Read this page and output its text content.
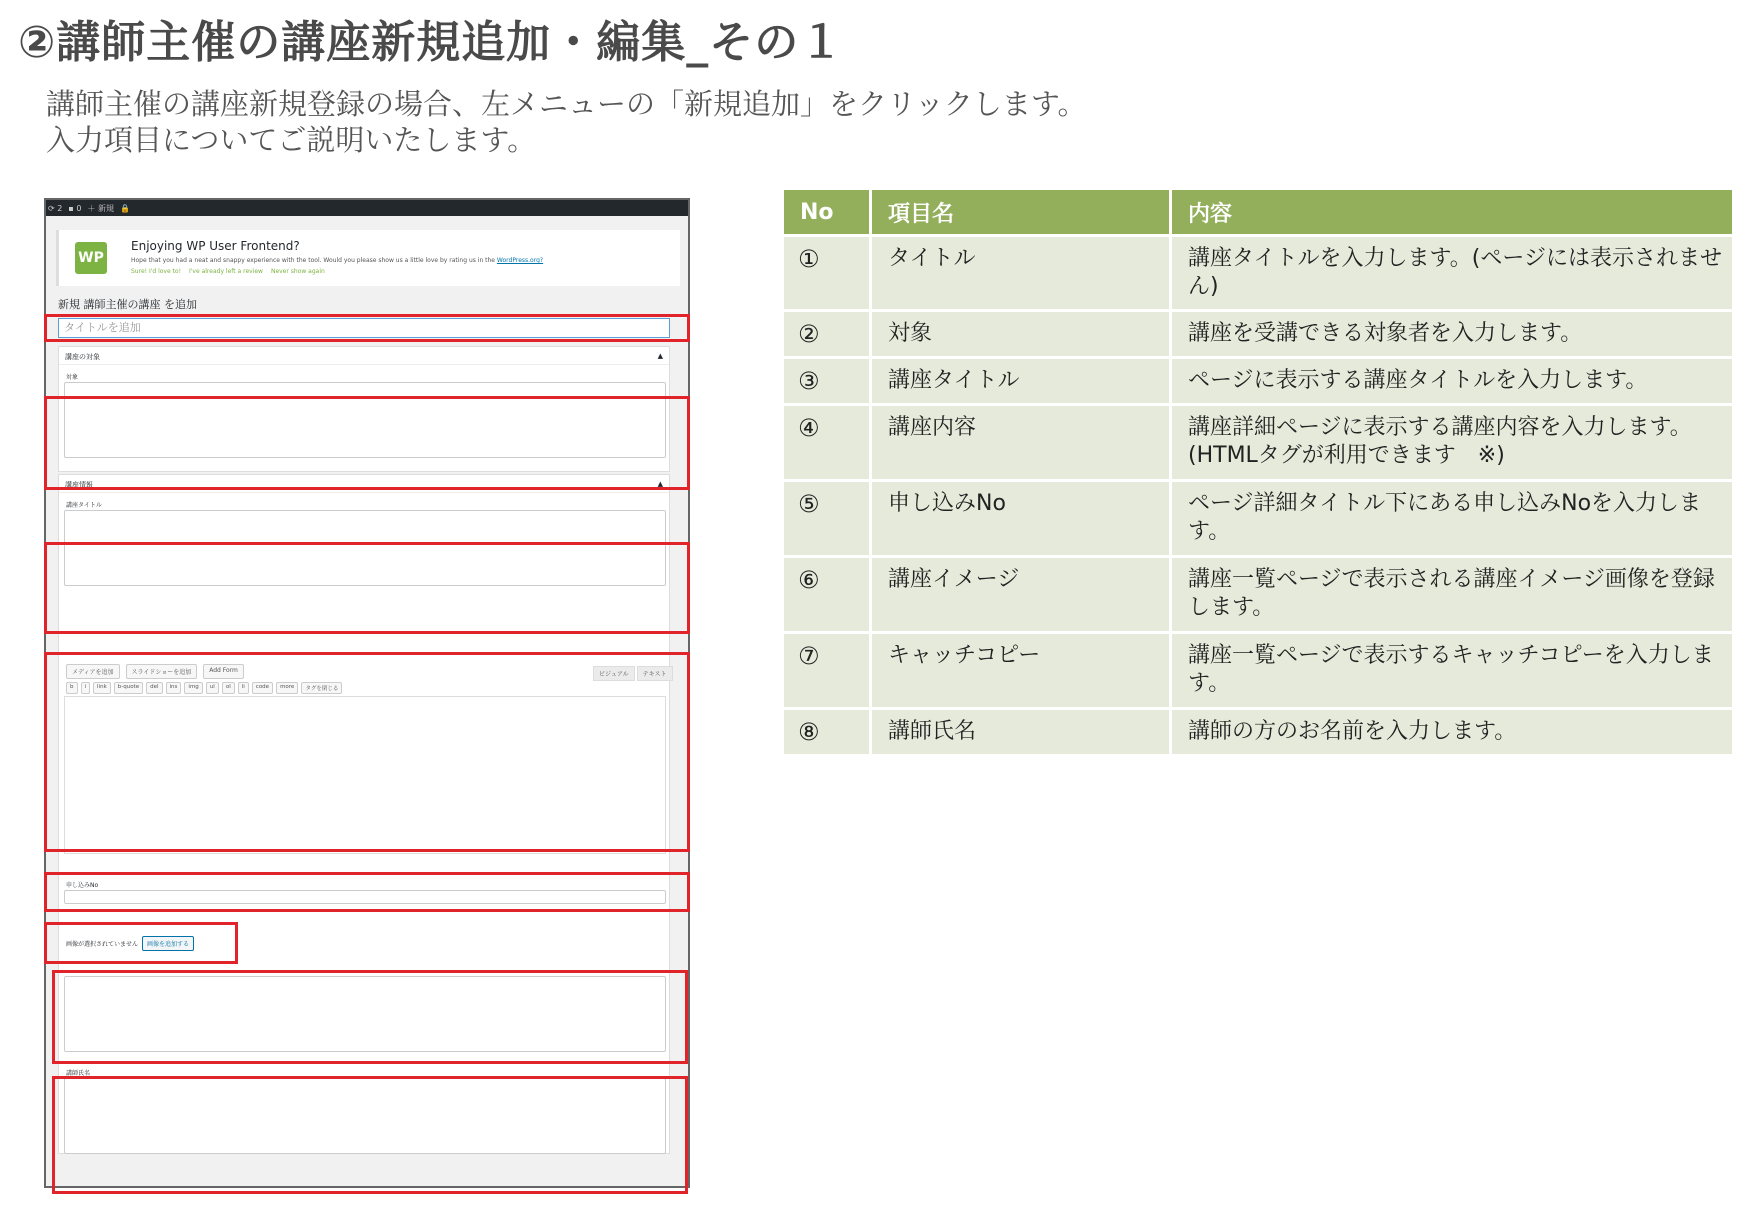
②講師主催の講座新規追加・編集_その１
講師主催の講座新規登録の場合、左メニューの「新規追加」をクリックします。
入力項目についてご説明いたします。
⟳ 2 ▪ 0 ＋ 新規 🔒
WP
Enjoying WP User Frontend?
Hope that you had a neat and snappy experience with the tool. Would you please show us a little love by rating us in the WordPress.org?
Sure! I'd love to! I've already left a review Never show again
新規 講師主催の講座 を追加
タイトルを追加
講座の対象	▲
対象
講座情報	▲
講座タイトル
メディアを追加	スライドショーを追加	Add Form
ビジュアル	テキスト
b	i	link	b-quote	del	ins	img	ul	ol	li	code	more	タグを閉じる
申し込みNo
画像が選択されていません	画像を追加する
講師氏名
No	項目名	内容
①	タイトル	講座タイトルを入力します。(ページには表示されません)
②	対象	講座を受講できる対象者を入力します。
③	講座タイトル	ページに表示する講座タイトルを入力します。
④	講座内容	講座詳細ページに表示する講座内容を入力します。(HTMLタグが利用できます　※)
⑤	申し込みNo	ページ詳細タイトル下にある申し込みNoを入力します。
⑥	講座イメージ	講座一覧ページで表示される講座イメージ画像を登録します。
⑦	キャッチコピー	講座一覧ページで表示するキャッチコピーを入力します。
⑧	講師氏名	講師の方のお名前を入力します。
